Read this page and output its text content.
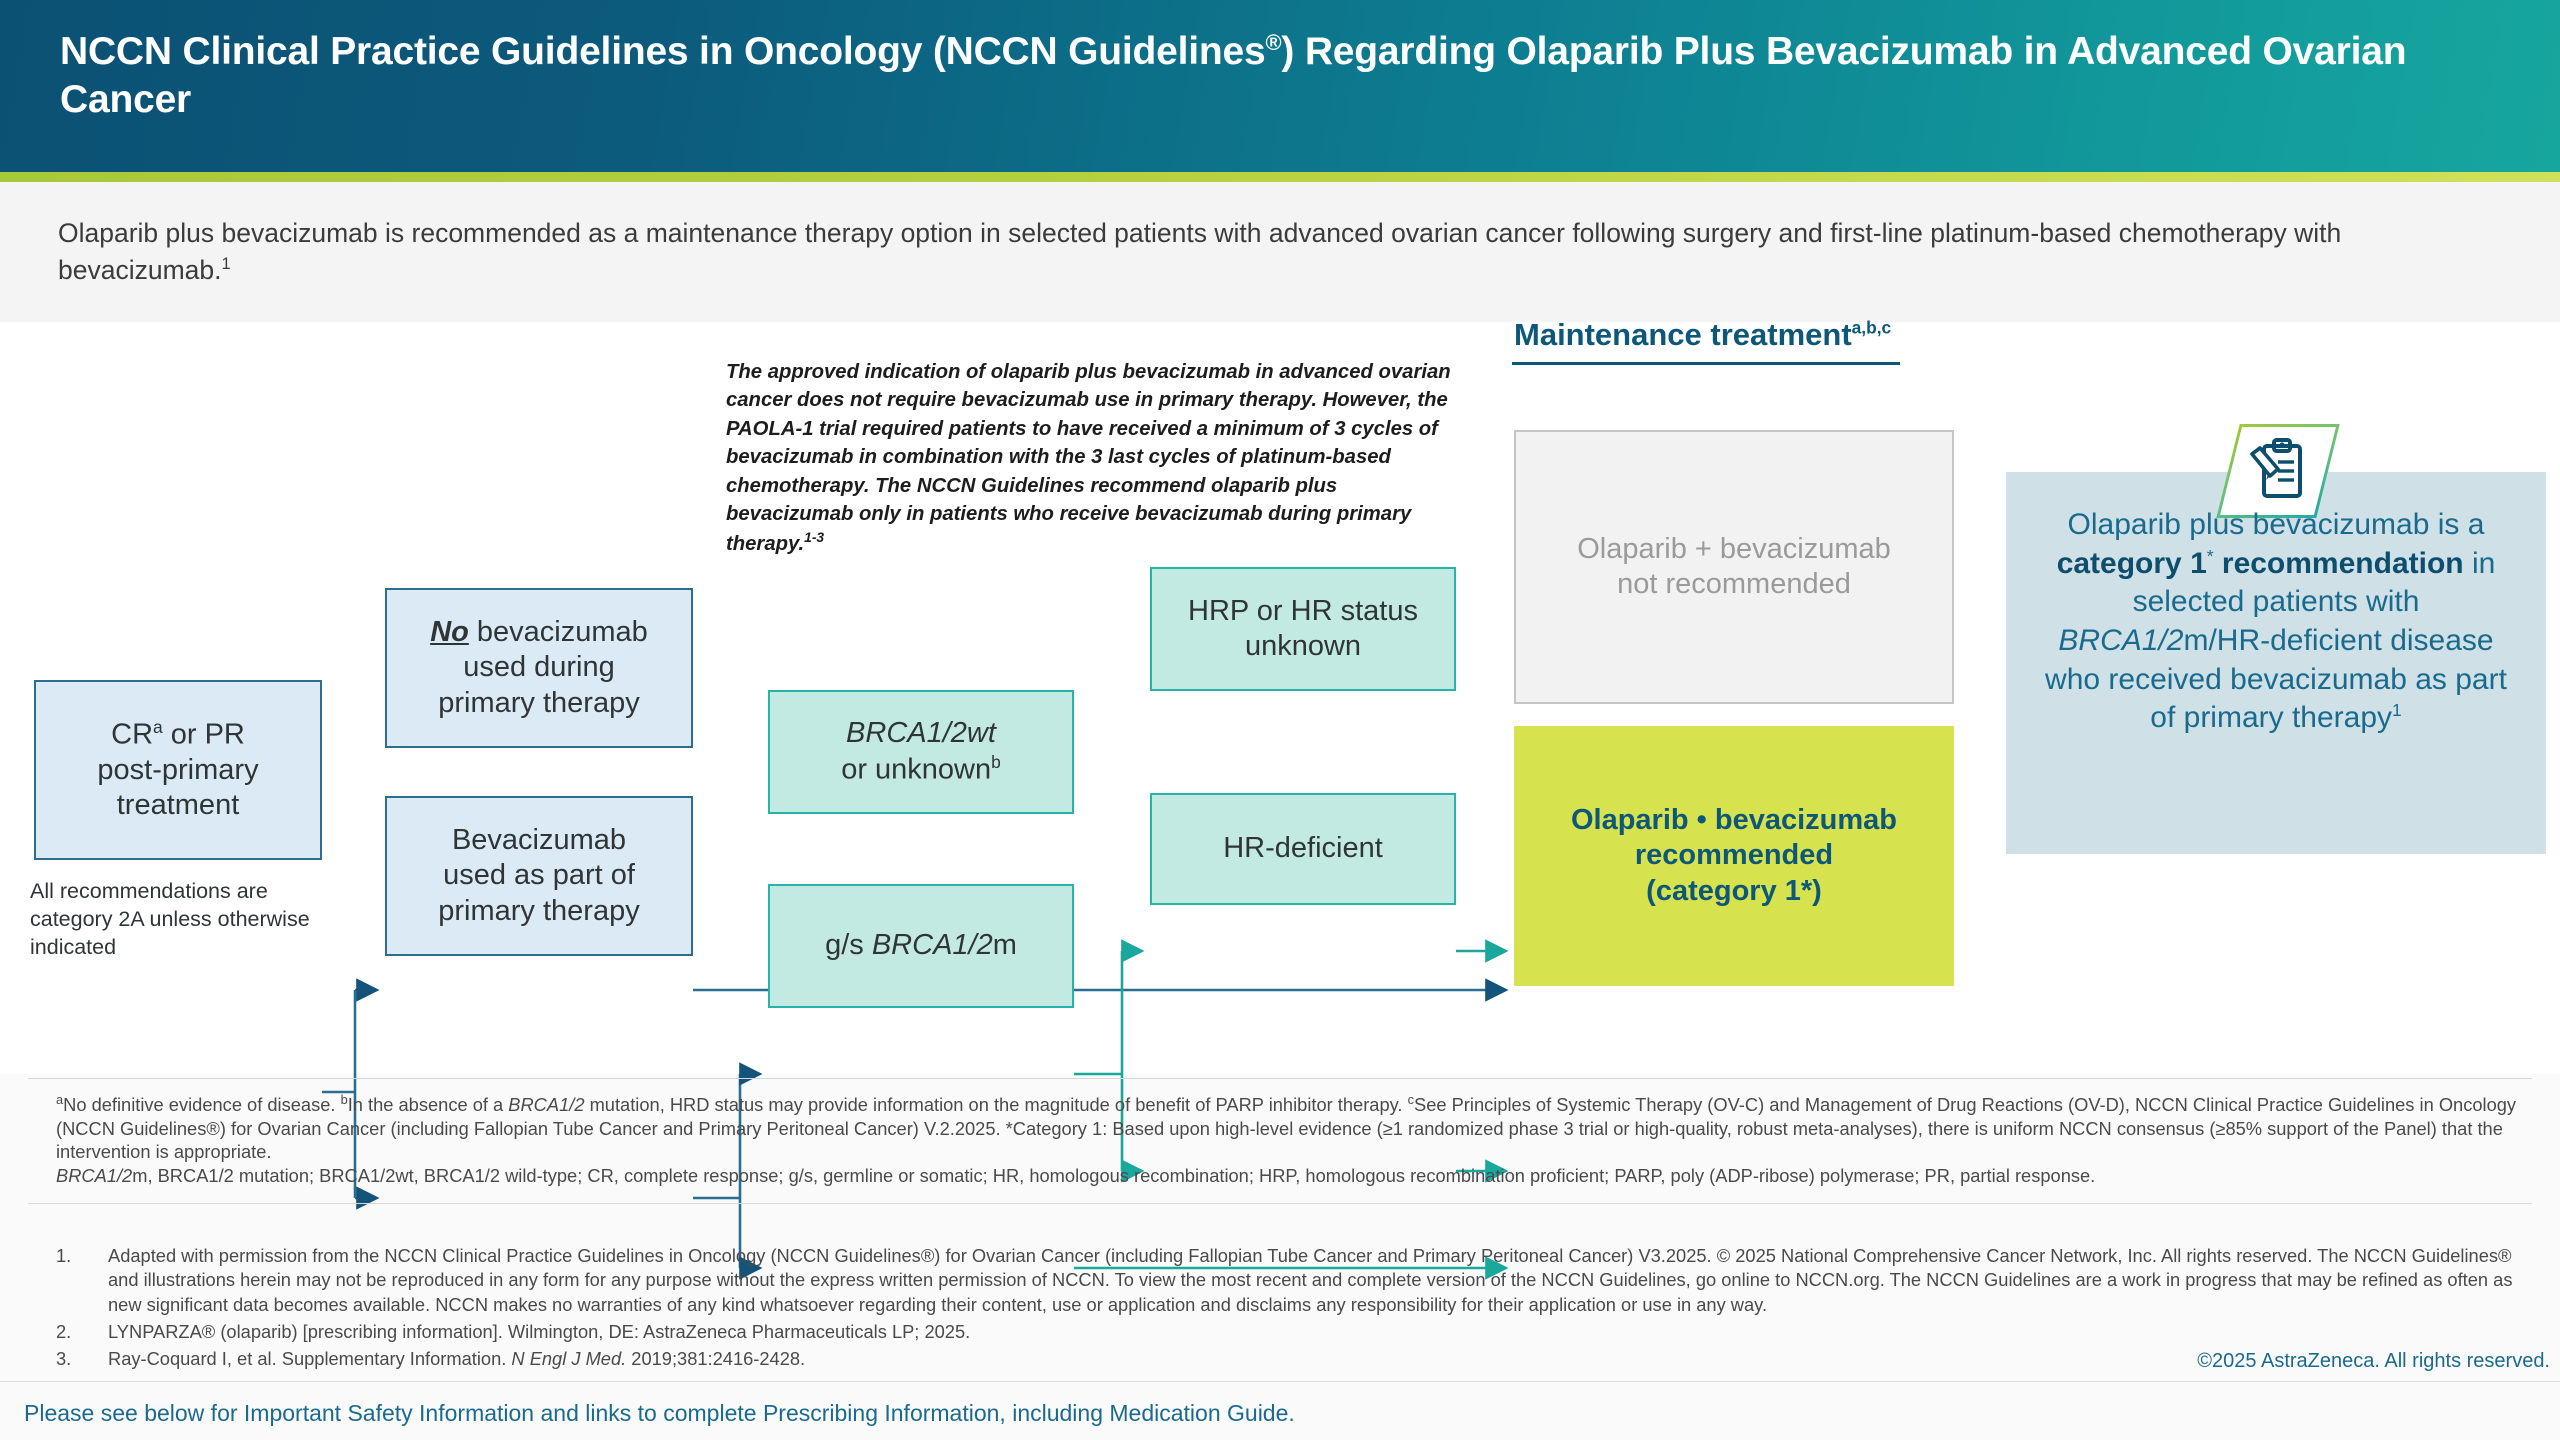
NCCN Clinical Practice Guidelines in Oncology (NCCN Guidelines®) Regarding Olaparib Plus Bevacizumab in Advanced Ovarian Cancer
Olaparib plus bevacizumab is recommended as a maintenance therapy option in selected patients with advanced ovarian cancer following surgery and first-line platinum-based chemotherapy with bevacizumab.$^1$
Maintenance treatment$^{a,b,c}$
The approved indication of olaparib plus bevacizumab in advanced ovarian cancer does not require bevacizumab use in primary therapy. However, the PAOLA-1 trial required patients to have received a minimum of 3 cycles of bevacizumab in combination with the 3 last cycles of platinum-based chemotherapy. The NCCN Guidelines recommend olaparib plus bevacizumab only in patients who receive bevacizumab during primary therapy.$^{1-3}$
$CR^a$ or PR
post-primary
treatment
All recommendations are category 2A unless otherwise indicated
No bevacizumab
used during
primary therapy
Bevacizumab
used as part of
primary therapy
BRCA1/2wt
or unknown$^b$
g/s BRCA1/2m
HRP or HR status
unknown
HR-deficient
Olaparib + bevacizumab
not recommended
Olaparib • bevacizumab
recommended
(category 1*)
Olaparib plus bevacizumab is a category 1* recommendation in selected patients with BRCA1/2m/HR-deficient disease who received bevacizumab as part of primary therapy$^1$
$^a$No definitive evidence of disease. $^b$In the absence of a BRCA1/2 mutation, HRD status may provide information on the magnitude of benefit of PARP inhibitor therapy. $^c$See Principles of Systemic Therapy (OV-C) and Management of Drug Reactions (OV-D), NCCN Clinical Practice Guidelines in Oncology (NCCN Guidelines®) for Ovarian Cancer (including Fallopian Tube Cancer and Primary Peritoneal Cancer) V.2.2025. *Category 1: Based upon high-level evidence (≥1 randomized phase 3 trial or high-quality, robust meta-analyses), there is uniform NCCN consensus (≥85% support of the Panel) that the intervention is appropriate.
BRCA1/2m, BRCA1/2 mutation; BRCA1/2wt, BRCA1/2 wild-type; CR, complete response; g/s, germline or somatic; HR, homologous recombination; HRP, homologous recombination proficient; PARP, poly (ADP-ribose) polymerase; PR, partial response.
1.	Adapted with permission from the NCCN Clinical Practice Guidelines in Oncology (NCCN Guidelines®) for Ovarian Cancer (including Fallopian Tube Cancer and Primary Peritoneal Cancer) V3.2025. © 2025 National Comprehensive Cancer Network, Inc. All rights reserved. The NCCN Guidelines® and illustrations herein may not be reproduced in any form for any purpose without the express written permission of NCCN. To view the most recent and complete version of the NCCN Guidelines, go online to NCCN.org. The NCCN Guidelines are a work in progress that may be refined as often as new significant data becomes available. NCCN makes no warranties of any kind whatsoever regarding their content, use or application and disclaims any responsibility for their application or use in any way.
2.	LYNPARZA® (olaparib) [prescribing information]. Wilmington, DE: AstraZeneca Pharmaceuticals LP; 2025.
3.	Ray-Coquard I, et al. Supplementary Information. N Engl J Med. 2019;381:2416-2428.	©2025 AstraZeneca. All rights reserved.
Please see below for Important Safety Information and links to complete Prescribing Information, including Medication Guide.
